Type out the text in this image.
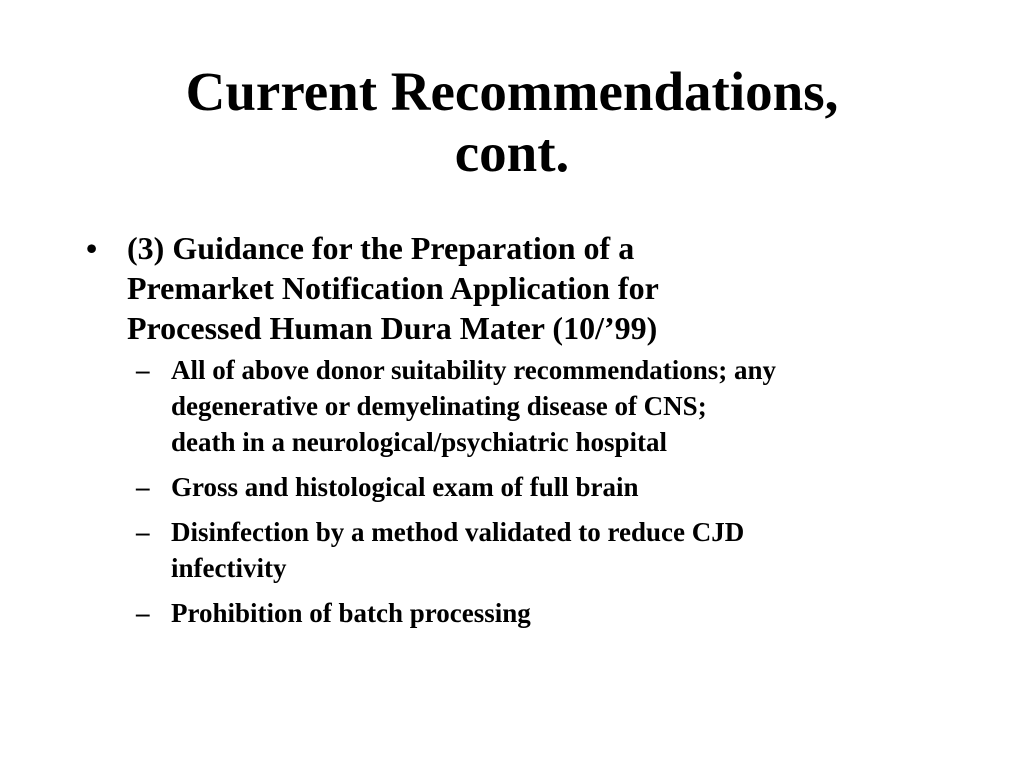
Current Recommendations,
cont.
• (3) Guidance for the Preparation of a
Premarket Notification Application for
Processed Human Dura Mater (10/’99)
– All of above donor suitability recommendations; any
degenerative or demyelinating disease of CNS;
death in a neurological/psychiatric hospital
– Gross and histological exam of full brain
– Disinfection by a method validated to reduce CJD
infectivity
– Prohibition of batch processing
